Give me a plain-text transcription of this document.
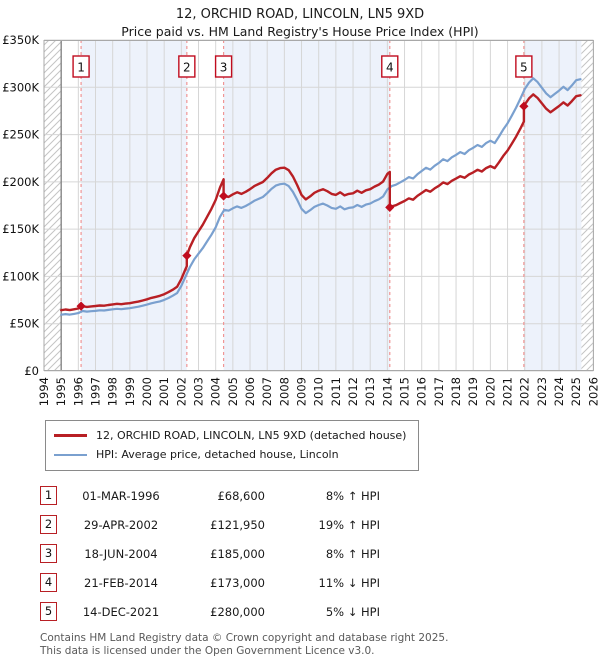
12, ORCHID ROAD, LINCOLN, LN5 9XD
Price paid vs. HM Land Registry's House Price Index (HPI)
1	2 3	4	5
£0
£50K
£100K
£150K
£200K
£250K
£300K
£350K
1994 1995 1996 1997 1998 1999 2000 2001 2002 2003 2004 2005 2006 2007 2008 2009 2010 2011 2012 2013 2014 2015 2016 2017 2018 2019 2020 2021 2022 2023 2024 2025 2026
12, ORCHID ROAD, LINCOLN, LN5 9XD (detached house)
HPI: Average price, detached house, Lincoln
1	01-MAR-1996	£68,600	8% ↑ HPI
2	29-APR-2002	£121,950	19% ↑ HPI
3	18-JUN-2004	£185,000	8% ↑ HPI
4	21-FEB-2014	£173,000	11% ↓ HPI
5	14-DEC-2021	£280,000	5% ↓ HPI
Contains HM Land Registry data © Crown copyright and database right 2025.
This data is licensed under the Open Government Licence v3.0.
